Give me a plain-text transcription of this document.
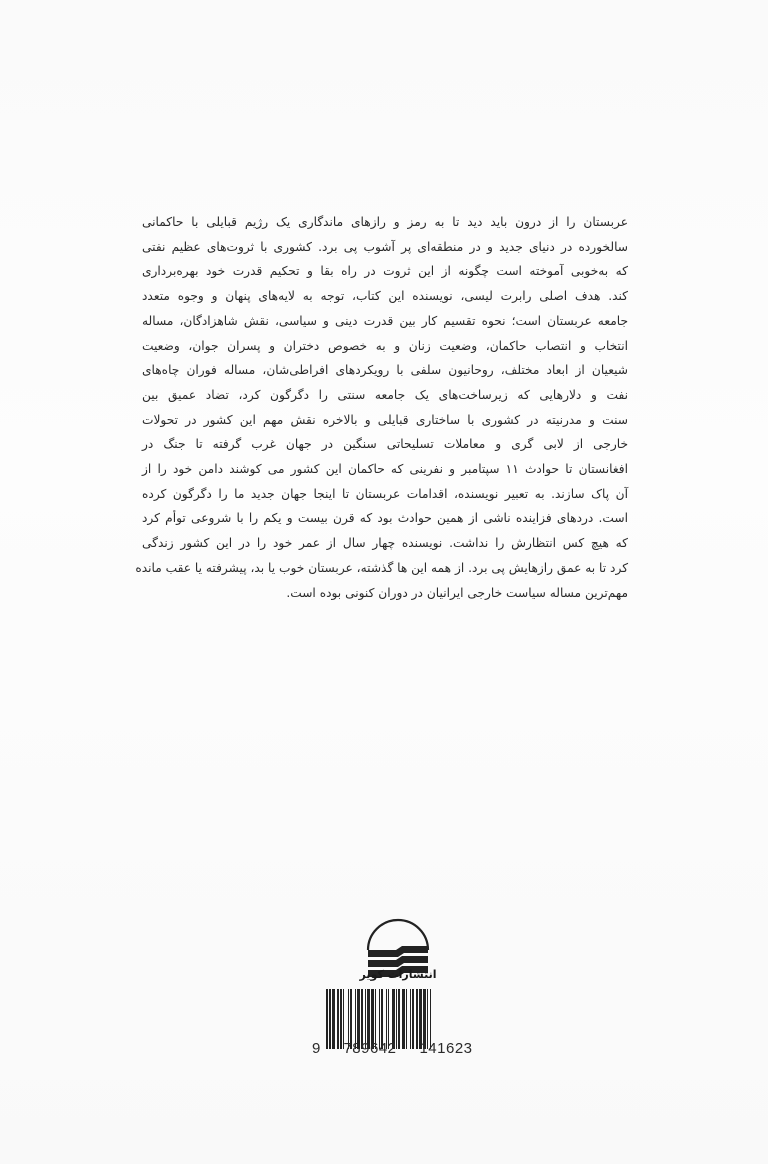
عربستان را از درون باید دید تا به رمز و رازهای ماندگاری یک رژیم قبایلی با حاکمانی
سالخورده در دنیای جدید و در منطقه‌ای پر آشوب پی برد. کشوری با ثروت‌های عظیم نفتی
که به‌خوبی آموخته است چگونه از این ثروت در راه بقا و تحکیم قدرت خود بهره‌برداری
کند. هدف اصلی رابرت لیسی، نویسنده این کتاب، توجه به لایه‌های پنهان و وجوه متعدد
جامعه عربستان است؛ نحوه تقسیم کار بین قدرت دینی و سیاسی، نقش شاهزادگان، مساله
انتخاب و انتصاب حاکمان، وضعیت زنان و به خصوص دختران و پسران جوان، وضعیت
شیعیان از ابعاد مختلف، روحانیون سلفی با رویکردهای افراطی‌شان، مساله فوران چاه‌های
نفت و دلارهایی که زیرساخت‌های یک جامعه سنتی را دگرگون کرد، تضاد عمیق بین
سنت و مدرنیته در کشوری با ساختاری قبایلی و بالاخره نقش مهم این کشور در تحولات
خارجی از لابی گری و معاملات تسلیحاتی سنگین در جهان غرب گرفته تا جنگ در
افغانستان تا حوادث ۱۱ سپتامبر و نفرینی که حاکمان این کشور می کوشند دامن خود را از
آن پاک سازند. به تعبیر نویسنده، اقدامات عربستان تا اینجا جهان جدید ما را دگرگون کرده
است. دردهای فزاینده ناشی از همین حوادث بود که قرن بیست و یکم را با شروعی توأم کرد
که هیچ کس انتظارش را نداشت. نویسنده چهار سال از عمر خود را در این کشور زندگی
کرد تا به عمق رازهایش پی برد. از همه این ها گذشته، عربستان خوب یا بد، پیشرفته یا عقب مانده
مهم‌ترین مساله سیاست خارجی ایرانیان در دوران کنونی بوده است.
انتشارات کویر
9	789642	141623
